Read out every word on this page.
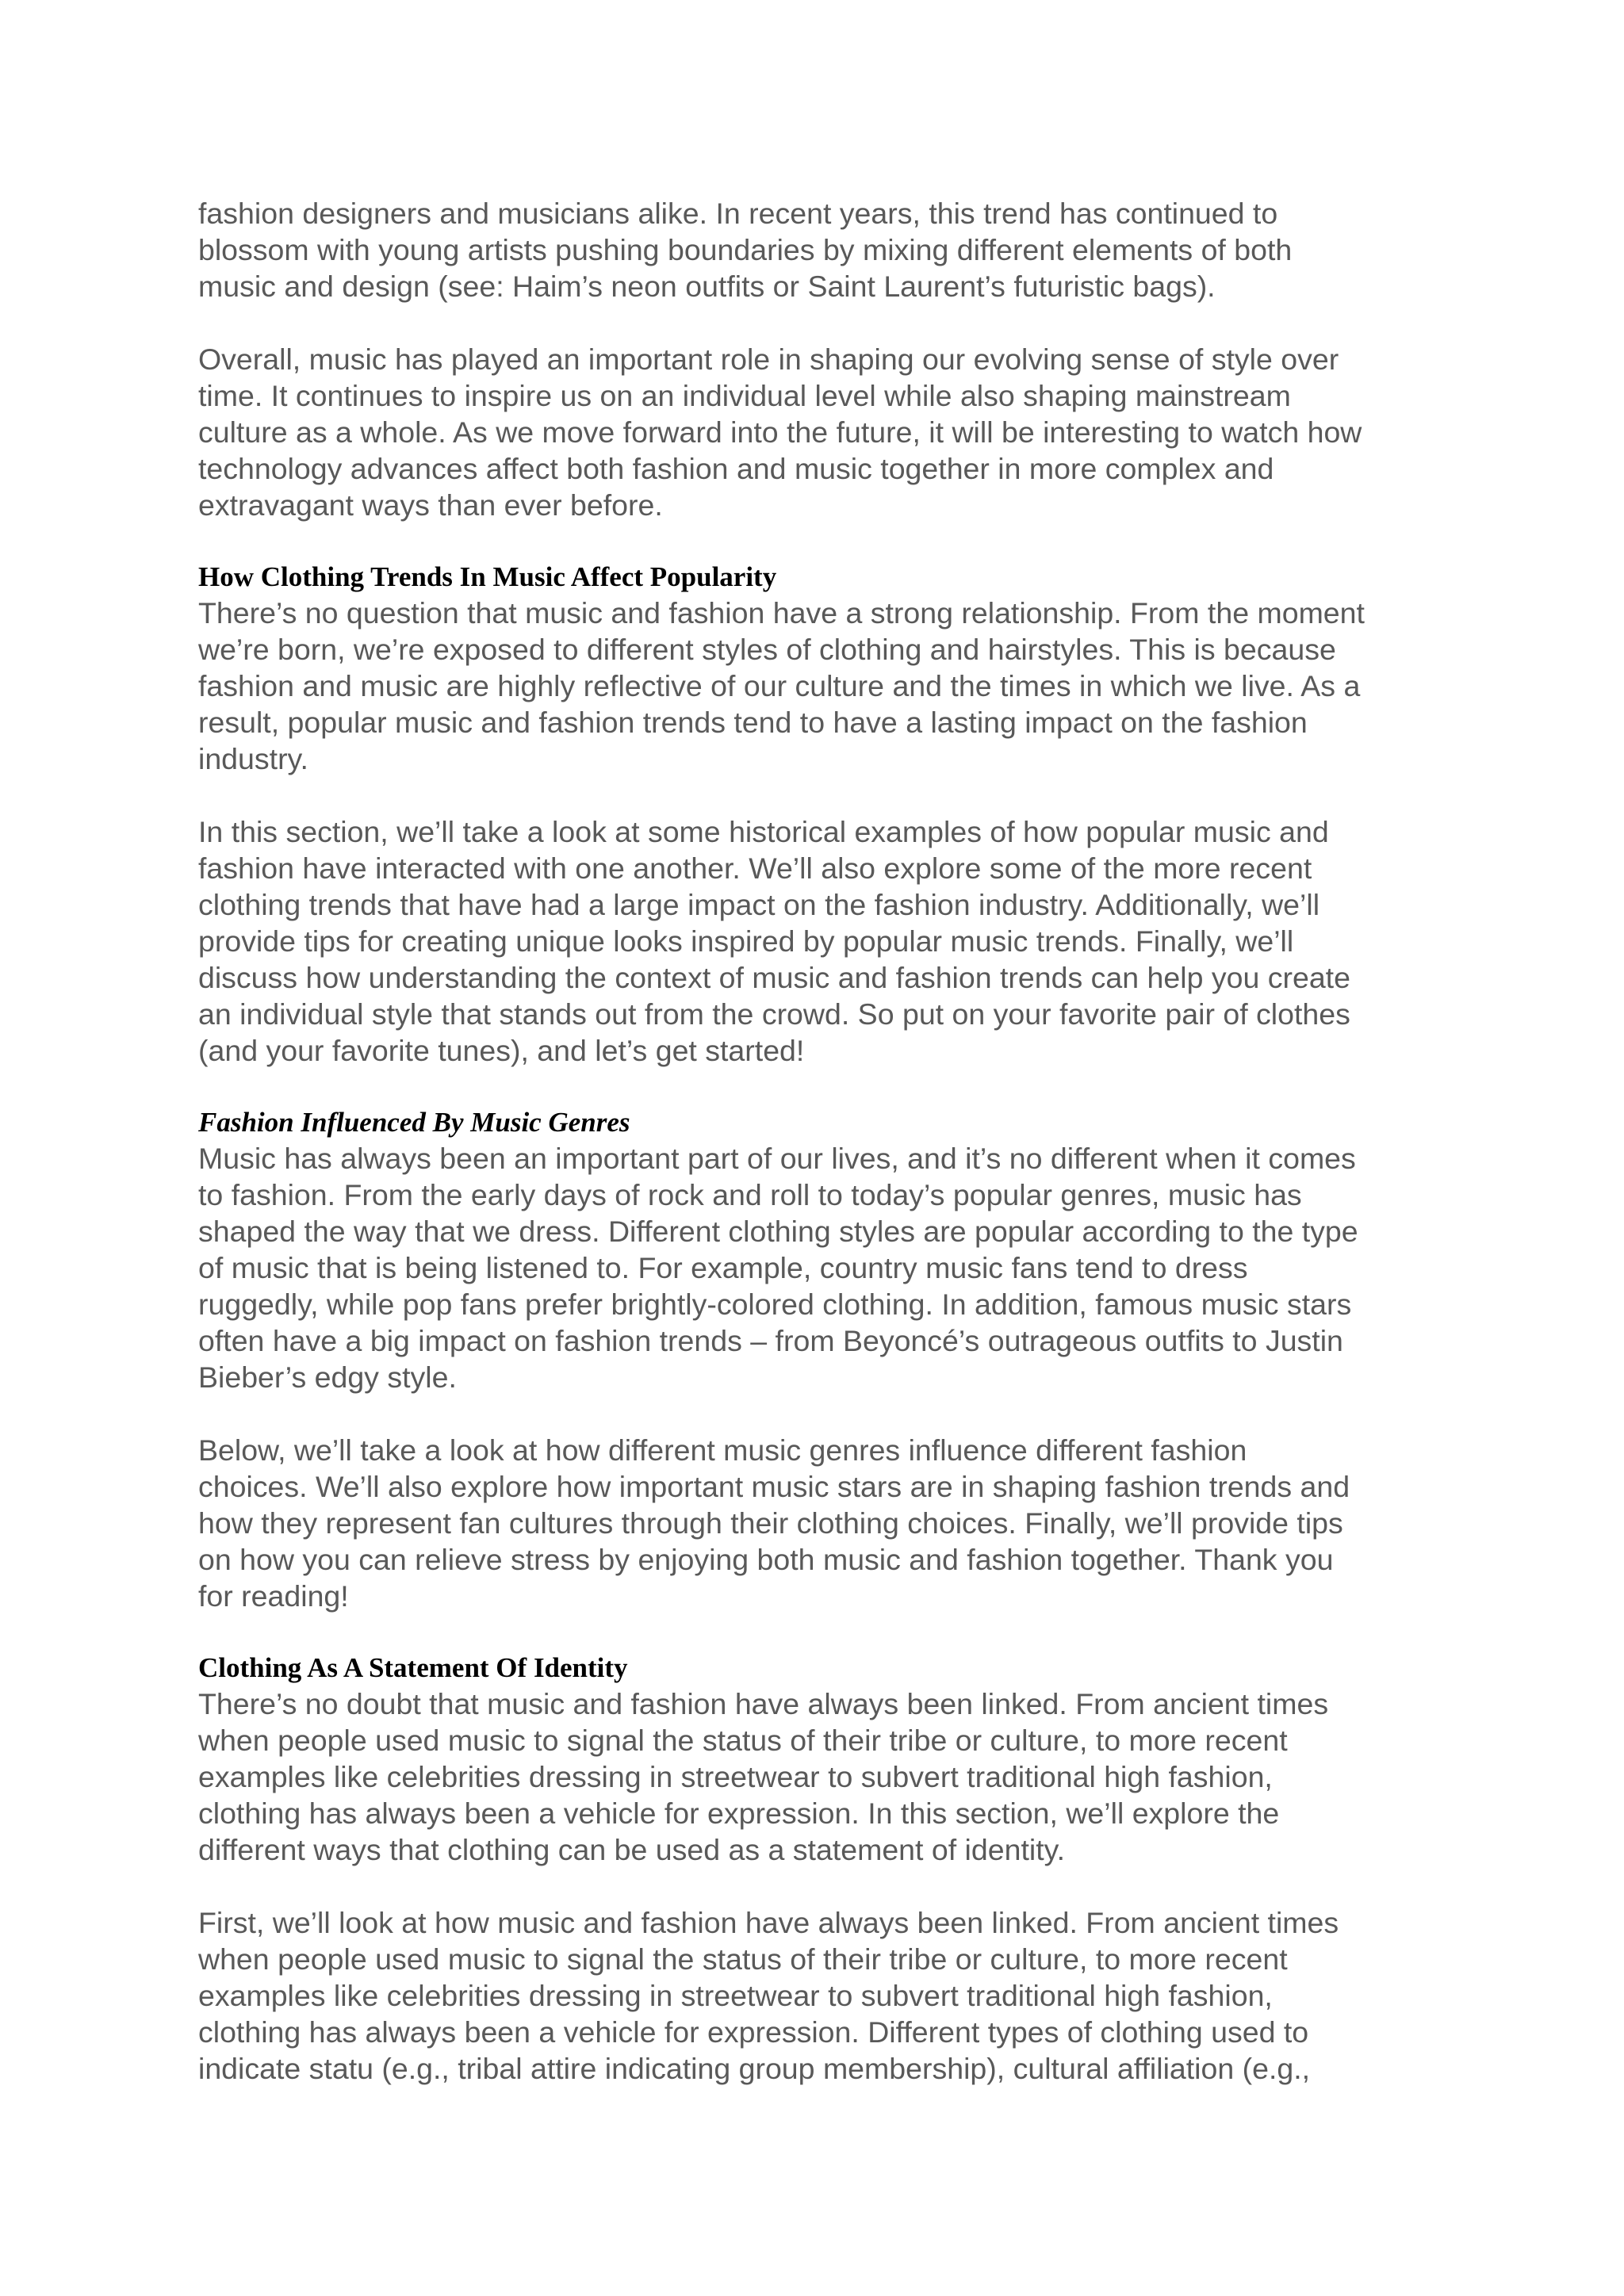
fashion designers and musicians alike. In recent years, this trend has continued to
blossom with young artists pushing boundaries by mixing different elements of both
music and design (see: Haim’s neon outfits or Saint Laurent’s futuristic bags).

Overall, music has played an important role in shaping our evolving sense of style over
time. It continues to inspire us on an individual level while also shaping mainstream
culture as a whole. As we move forward into the future, it will be interesting to watch how
technology advances affect both fashion and music together in more complex and
extravagant ways than ever before.

How Clothing Trends In Music Affect Popularity

There’s no question that music and fashion have a strong relationship. From the moment
we’re born, we’re exposed to different styles of clothing and hairstyles. This is because
fashion and music are highly reflective of our culture and the times in which we live. As a
result, popular music and fashion trends tend to have a lasting impact on the fashion
industry.

In this section, we’ll take a look at some historical examples of how popular music and
fashion have interacted with one another. We’ll also explore some of the more recent
clothing trends that have had a large impact on the fashion industry. Additionally, we’ll
provide tips for creating unique looks inspired by popular music trends. Finally, we’ll
discuss how understanding the context of music and fashion trends can help you create
an individual style that stands out from the crowd. So put on your favorite pair of clothes
(and your favorite tunes), and let’s get started!

Fashion Influenced By Music Genres

Music has always been an important part of our lives, and it’s no different when it comes
to fashion. From the early days of rock and roll to today’s popular genres, music has
shaped the way that we dress. Different clothing styles are popular according to the type
of music that is being listened to. For example, country music fans tend to dress
ruggedly, while pop fans prefer brightly-colored clothing. In addition, famous music stars
often have a big impact on fashion trends – from Beyoncé’s outrageous outfits to Justin
Bieber’s edgy style.

Below, we’ll take a look at how different music genres influence different fashion
choices. We’ll also explore how important music stars are in shaping fashion trends and
how they represent fan cultures through their clothing choices. Finally, we’ll provide tips
on how you can relieve stress by enjoying both music and fashion together. Thank you
for reading!

Clothing As A Statement Of Identity

There’s no doubt that music and fashion have always been linked. From ancient times
when people used music to signal the status of their tribe or culture, to more recent
examples like celebrities dressing in streetwear to subvert traditional high fashion,
clothing has always been a vehicle for expression. In this section, we’ll explore the
different ways that clothing can be used as a statement of identity.

First, we’ll look at how music and fashion have always been linked. From ancient times
when people used music to signal the status of their tribe or culture, to more recent
examples like celebrities dressing in streetwear to subvert traditional high fashion,
clothing has always been a vehicle for expression. Different types of clothing used to
indicate statu (e.g., tribal attire indicating group membership), cultural affiliation (e.g.,
